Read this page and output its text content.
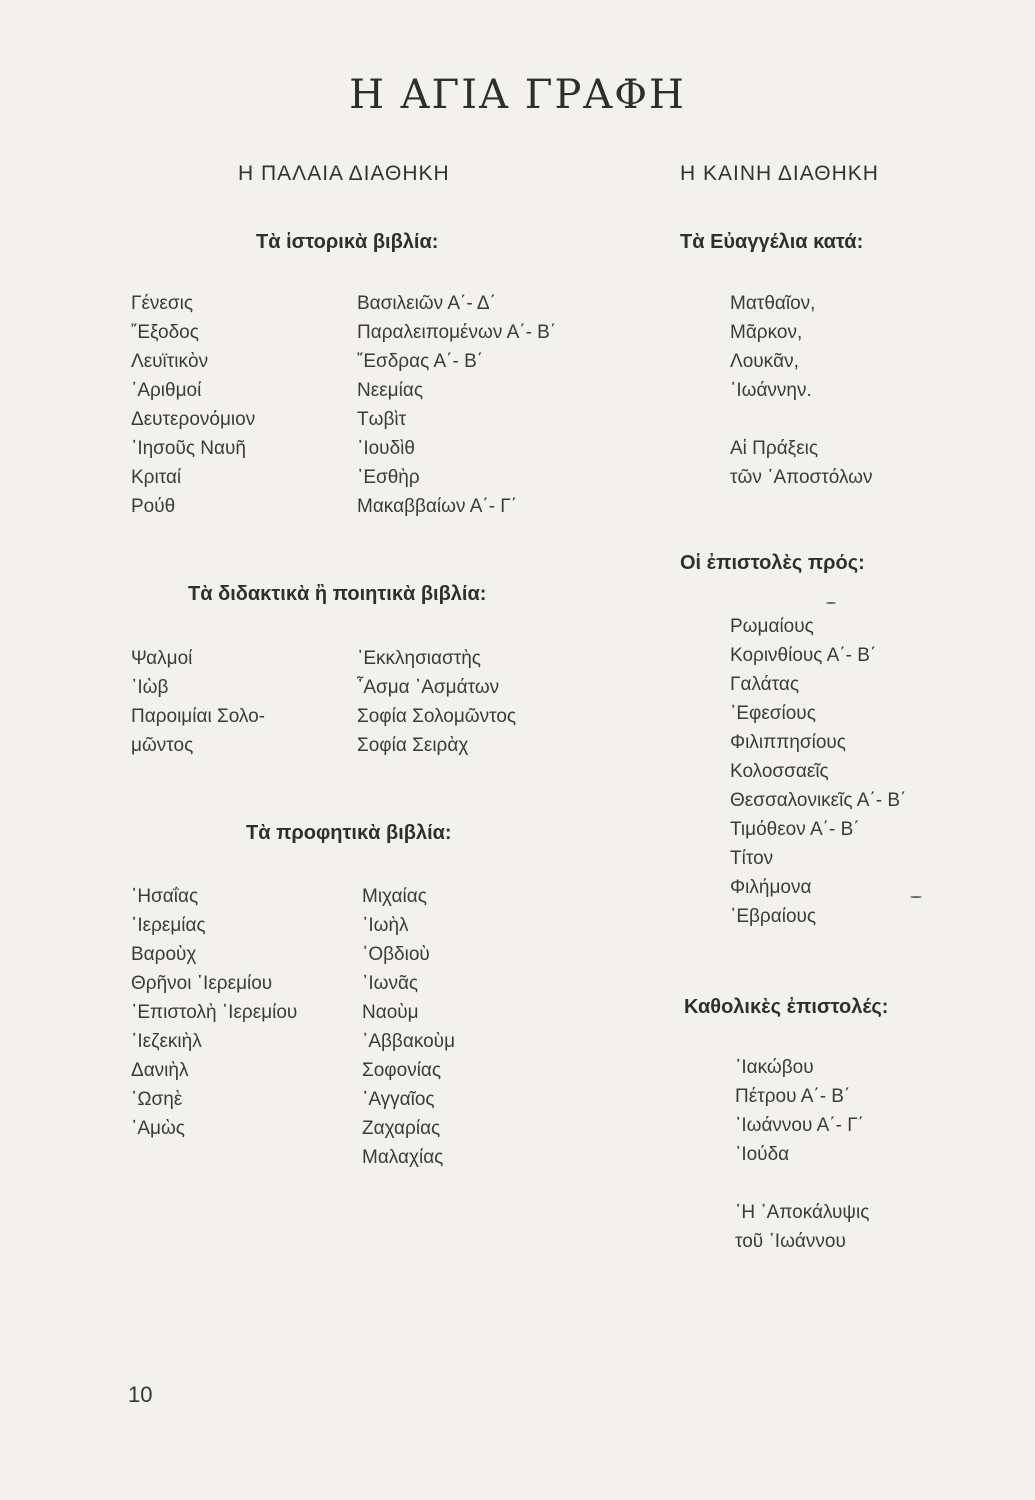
Η ΑΓΙΑ ΓΡΑΦΗ
Η ΠΑΛΑΙΑ ΔΙΑΘΗΚΗ
Τὰ ἱστορικὰ βιβλία:
Γένεσις
῎Εξοδος
Λευϊτικὸν
᾿Αριθμοί
Δευτερονόμιον
᾿Ιησοῦς Ναυῆ
Κριταί
Ρούθ
Βασιλειῶν Α΄- Δ΄
Παραλειπομένων Α΄- Β΄
῎Εσδρας Α΄- Β΄
Νεεμίας
Τωβὶτ
᾿Ιουδὶθ
᾿Εσθὴρ
Μακαββαίων Α΄- Γ΄
Τὰ διδακτικὰ ἢ ποιητικὰ βιβλία:
Ψαλμοί
᾿Ιὼβ
Παροιμίαι Σολο-
μῶντος
᾿Εκκλησιαστὴς
῏Ασμα ᾿Ασμάτων
Σοφία Σολομῶντος
Σοφία Σειρὰχ
Τὰ προφητικὰ βιβλία:
῾Ησαΐας
῾Ιερεμίας
Βαροὺχ
Θρῆνοι ῾Ιερεμίου
᾿Επιστολὴ ῾Ιερεμίου
᾿Ιεζεκιὴλ
Δανιὴλ
῾Ωσηὲ
᾿Αμὼς
Μιχαίας
᾿Ιωὴλ
᾿Οβδιοὺ
᾿Ιωνᾶς
Ναοὺμ
᾿Αββακοὺμ
Σοφονίας
᾿Αγγαῖος
Ζαχαρίας
Μαλαχίας
Η ΚΑΙΝΗ ΔΙΑΘΗΚΗ
Τὰ Εὐαγγέλια κατά:
Ματθαῖον,
Μᾶρκον,
Λουκᾶν,
᾿Ιωάννην.
Αἱ Πράξεις
τῶν ᾿Αποστόλων
Οἱ ἐπιστολὲς πρός:
Ρωμαίους
Κορινθίους Α΄- Β΄
Γαλάτας
᾿Εφεσίους
Φιλιππησίους
Κολοσσαεῖς
Θεσσαλονικεῖς Α΄- Β΄
Τιμόθεον Α΄- Β΄
Τίτον
Φιλήμονα
᾿Εβραίους
Καθολικὲς ἐπιστολές:
᾿Ιακώβου
Πέτρου Α΄- Β΄
᾿Ιωάννου Α΄- Γ΄
᾿Ιούδα
῾Η ᾿Αποκάλυψις
τοῦ ᾿Ιωάννου
10
